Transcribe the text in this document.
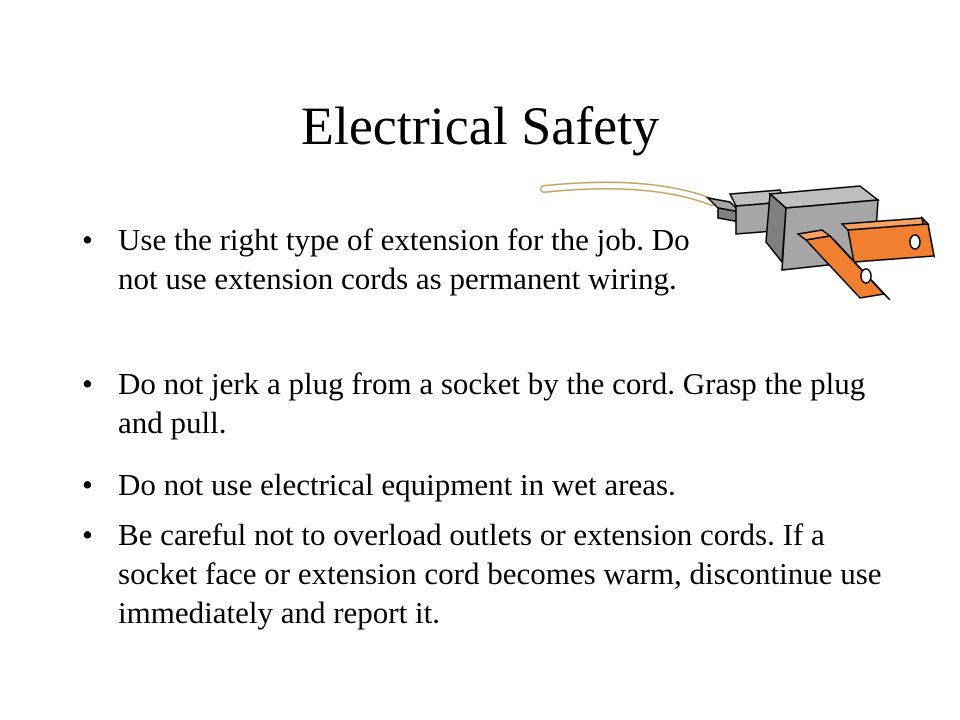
Electrical Safety
• Use the right type of extension for the job. Do not use extension cords as permanent wiring.
• Do not jerk a plug from a socket by the cord. Grasp the plug and pull.
• Do not use electrical equipment in wet areas.
• Be careful not to overload outlets or extension cords. If a socket face or extension cord becomes warm, discontinue use immediately and report it.
